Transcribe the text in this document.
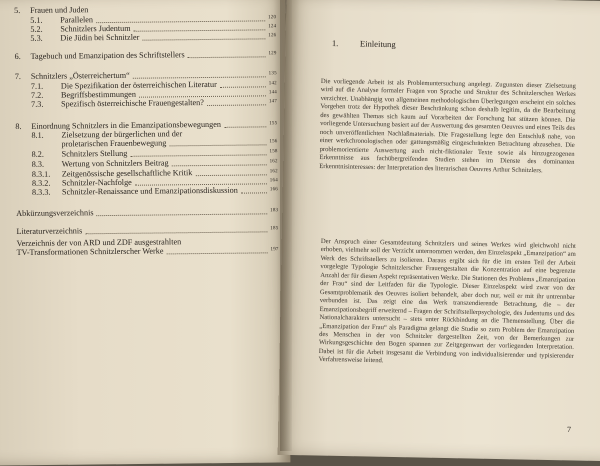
5. Frauen und Juden
5.1. Parallelen	120
5.2. Schnitzlers Judentum	124
5.3. Die Jüdin bei Schnitzler	126
6. Tagebuch und Emanzipation des Schriftstellers	129
7. Schnitzlers „Österreichertum“	135
7.1. Die Spezifikation der österreichischen Literatur	142
7.2. Begriffsbestimmungen	144
7.3. Spezifisch österreichische Frauengestalten?	147
8. Einordnung Schnitzlers in die Emanzipationsbewegungen	155
8.1. Zielsetzung der bürgerlichen und der
proletarischen Frauenbewegung	156
8.2. Schnitzlers Stellung	158
8.3. Wertung von Schnitzlers Beitrag	162
8.3.1. Zeitgenössische gesellschaftliche Kritik	162
8.3.2. Schnitzler-Nachfolge	164
8.3.3. Schnitzler-Renaissance und Emanzipationsdiskussion	166
Abkürzungsverzeichnis	183
Literaturverzeichnis	185
Verzeichnis der von ARD und ZDF ausgestrahlten
TV-Transformationen Schnitzlerscher Werke	197
1. Einleitung
Die vorliegende Arbeit ist als Problemuntersuchung angelegt. Zugunsten dieser Zielsetzung wird auf die Analyse formaler Fragen von Sprache und Struktur des Schnitzlerschen Werkes verzichtet. Unabhängig von allgemeinen methodologischen Überlegungen erscheint ein solches Vorgehen trotz der Hypothek dieser Beschränkung schon deshalb legitim, da die Bearbeitung des gewählten Themas sich kaum auf Vorarbeiten der Forschung hat stützen können. Die vorliegende Untersuchung basiert auf der Auswertung des gesamten Oeuvres und eines Teils des noch unveröffentlichten Nachlaßmaterials. Die Fragestellung legte den Entschluß nahe, von einer werkchronologischen oder gattungsmäßig eingeschränkten Betrachtung abzusehen. Die problemorientierte Auswertung auch nicht-fiktionaler Texte sowie als hinzugezogenen Erkenntnisse aus fachübergreifenden Studien stehen im Dienste des dominanten Erkenntnisinteresses: der Interpretation des literarischen Oeuvres Arthur Schnitzlers.
Der Anspruch einer Gesamtdeutung Schnitzlers und seines Werkes wird gleichwohl nicht erhoben, vielmehr soll der Verzicht unternommen werden, den Einzelaspekt „Emanzipation“ am Werk des Schriftstellers zu isolieren. Daraus ergibt sich für die im ersten Teil der Arbeit vorgelegte Typologie Schnitzlerscher Frauengestalten die Konzentration auf eine begrenzte Anzahl der für diesen Aspekt repräsentativen Werke. Die Stationen des Problems „Emanzipation der Frau“ sind der Leitfaden für die Typologie. Dieser Einzelaspekt wird zwar von der Gesamtproblematik des Oeuvres isoliert behandelt, aber doch nur, weil er mit ihr untrennbar verbunden ist. Das zeigt eine das Werk transzendierende Betrachtung, die – der Emanzipationsbegriff erweiternd – Fragen der Schriftstellerpsychologie, des Judentums und des Nationalcharakters untersucht – stets unter Rückbindung an die Themenstellung. Über die „Emanzipation der Frau“ als Paradigma gelangt die Studie so zum Problem der Emanzipation des Menschen in der von Schnitzler dargestellten Zeit, von der Bemerkungen zur Wirkungsgeschichte den Bogen spannen zur Zeitgegenwart der vorliegenden Interpretation. Dabei ist für die Arbeit insgesamt die Verbindung von individualisierender und typisierender Verfahrensweise leitend.
7
